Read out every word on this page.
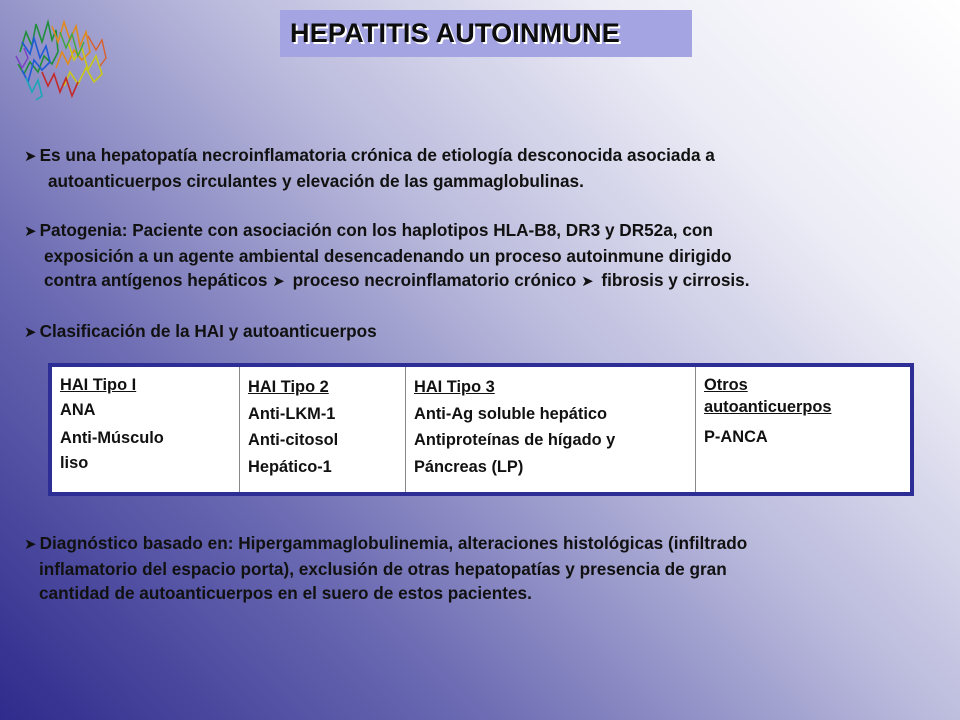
HEPATITIS AUTOINMUNE
➤ Es una hepatopatía necroinflamatoria crónica de etiología desconocida asociada a
autoanticuerpos circulantes y elevación de las gammaglobulinas.
➤ Patogenia: Paciente con asociación con los haplotipos HLA-B8, DR3 y DR52a, con
exposición a un agente ambiental desencadenando un proceso autoinmune dirigido
contra antígenos hepáticos ➤ proceso necroinflamatorio crónico ➤ fibrosis y cirrosis.
➤ Clasificación de la HAI y autoanticuerpos
HAI Tipo I
ANA
Anti-Músculo
liso
HAI Tipo 2
Anti-LKM-1
Anti-citosol
Hepático-1
HAI Tipo 3
Anti-Ag soluble hepático
Antiproteínas de hígado y
Páncreas (LP)
Otros
autoanticuerpos
P-ANCA
➤ Diagnóstico basado en: Hipergammaglobulinemia, alteraciones histológicas (infiltrado
inflamatorio del espacio porta), exclusión de otras hepatopatías y presencia de gran
cantidad de autoanticuerpos en el suero de estos pacientes.
